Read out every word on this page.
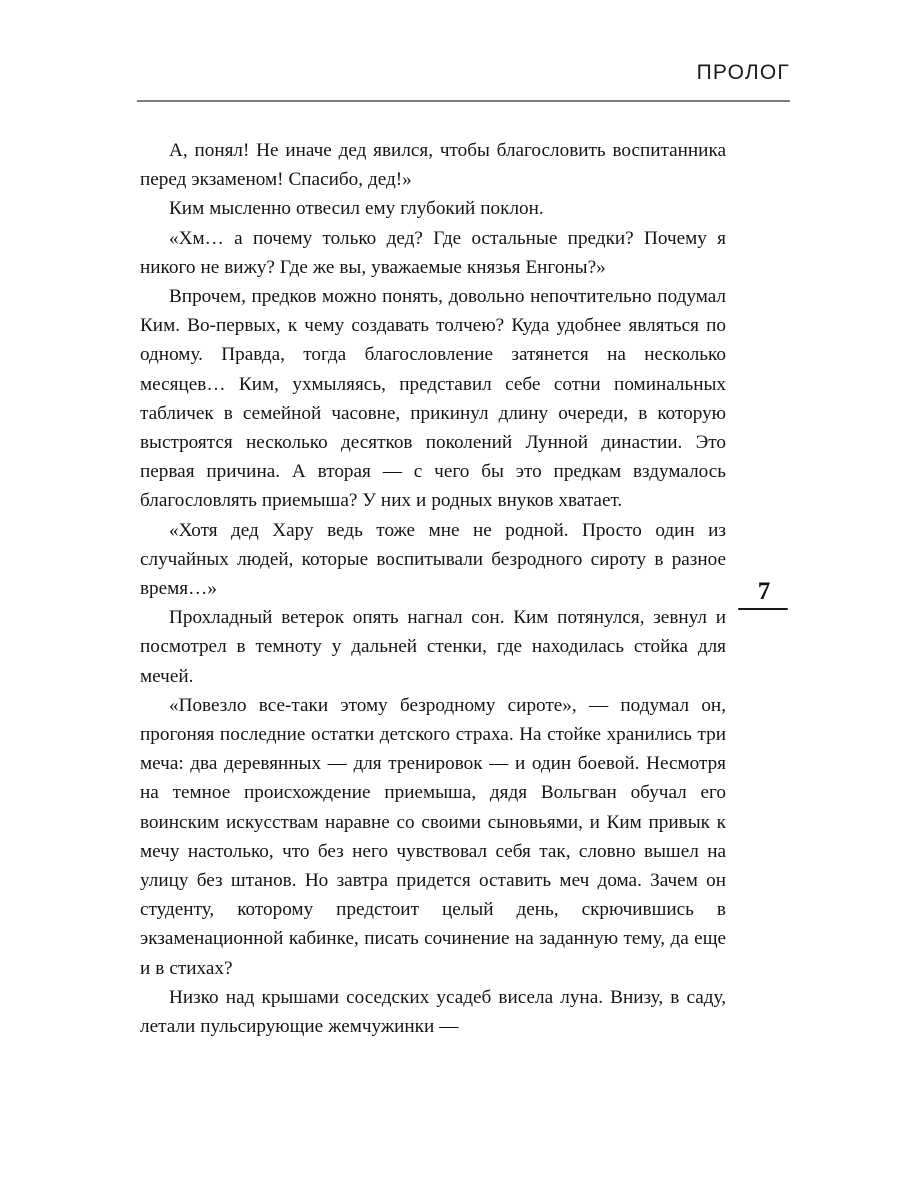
ПРОЛОГ
7

А, понял! Не иначе дед явился, чтобы благословить воспитанника перед экзаменом! Спасибо, дед!»

Ким мысленно отвесил ему глубокий поклон.

«Хм… а почему только дед? Где остальные предки? Почему я никого не вижу? Где же вы, уважаемые князья Енгоны?»

Впрочем, предков можно понять, довольно непочтительно подумал Ким. Во-первых, к чему создавать толчею? Куда удобнее являться по одному. Правда, тогда благословление затянется на несколько месяцев… Ким, ухмыляясь, представил себе сотни поминальных табличек в семейной часовне, прикинул длину очереди, в которую выстроятся несколько десятков поколений Лунной династии. Это первая причина. А вторая — с чего бы это предкам вздумалось благословлять приемыша? У них и родных внуков хватает.

«Хотя дед Хару ведь тоже мне не родной. Просто один из случайных людей, которые воспитывали безродного сироту в разное время…»

Прохладный ветерок опять нагнал сон. Ким потянулся, зевнул и посмотрел в темноту у дальней стенки, где находилась стойка для мечей.

«Повезло все-таки этому безродному сироте», — подумал он, прогоняя последние остатки детского страха. На стойке хранились три меча: два деревянных — для тренировок — и один боевой. Несмотря на темное происхождение приемыша, дядя Вольгван обучал его воинским искусствам наравне со своими сыновьями, и Ким привык к мечу настолько, что без него чувствовал себя так, словно вышел на улицу без штанов. Но завтра придется оставить меч дома. Зачем он студенту, которому предстоит целый день, скрючившись в экзаменационной кабинке, писать сочинение на заданную тему, да еще и в стихах?

Низко над крышами соседских усадеб висела луна. Внизу, в саду, летали пульсирующие жемчужинки —
